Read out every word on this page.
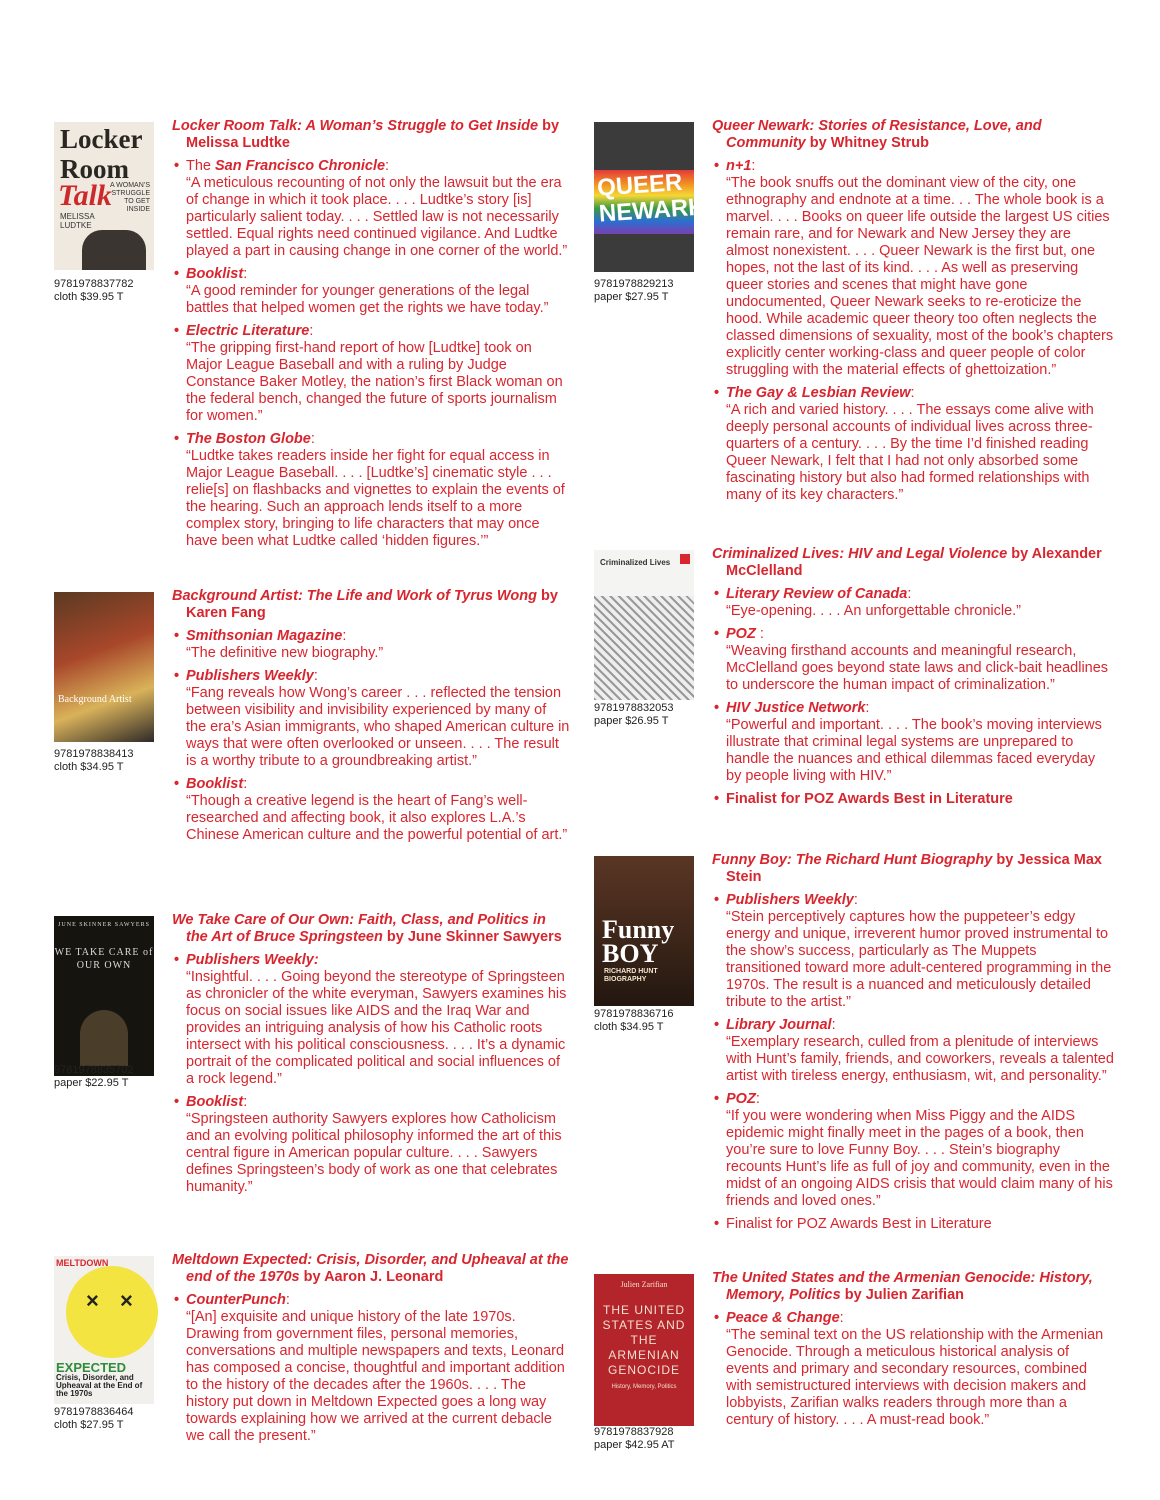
Locker
Room
Talk
A WOMAN’S STRUGGLE TO GET INSIDE
MELISSA LUDTKE
9781978837782
cloth $39.95 T
Locker Room Talk: A Woman’s Struggle to Get Inside by Melissa Ludtke
• The San Francisco Chronicle:
“A meticulous recounting of not only the lawsuit but the era of change in which it took place. . . . Ludtke’s story [is] particularly salient today. . . . Settled law is not necessarily settled. Equal rights need continued vigilance. And Ludtke played a part in causing change in one corner of the world.”
• Booklist:
“A good reminder for younger generations of the legal battles that helped women get the rights we have today.”
• Electric Literature:
“The gripping first-hand report of how [Ludtke] took on Major League Baseball and with a ruling by Judge Constance Baker Motley, the nation’s first Black woman on the federal bench, changed the future of sports journalism for women.”
• The Boston Globe:
“Ludtke takes readers inside her fight for equal access in Major League Baseball. . . . [Ludtke’s] cinematic style . . . relie[s] on flashbacks and vignettes to explain the events of the hearing. Such an approach lends itself to a more complex story, bringing to life characters that may once have been what Ludtke called ‘hidden figures.’”
Background Artist
9781978838413
cloth $34.95 T
Background Artist: The Life and Work of Tyrus Wong by Karen Fang
• Smithsonian Magazine:
“The definitive new biography.”
• Publishers Weekly:
“Fang reveals how Wong’s career . . . reflected the tension between visibility and invisibility experienced by many of the era’s Asian immigrants, who shaped American culture in ways that were often overlooked or unseen. . . . The result is a worthy tribute to a groundbreaking artist.”
• Booklist:
“Though a creative legend is the heart of Fang’s well-researched and affecting book, it also explores L.A.’s Chinese American culture and the powerful potential of art.”
JUNE SKINNER SAWYERS
WE TAKE CARE of OUR OWN
9781978835702
paper $22.95 T
We Take Care of Our Own: Faith, Class, and Politics in the Art of Bruce Springsteen by June Skinner Sawyers
• Publishers Weekly:
“Insightful. . . . Going beyond the stereotype of Springsteen as chronicler of the white everyman, Sawyers examines his focus on social issues like AIDS and the Iraq War and provides an intriguing analysis of how his Catholic roots intersect with his political consciousness. . . . It’s a dynamic portrait of the complicated political and social influences of a rock legend.”
• Booklist:
“Springsteen authority Sawyers explores how Catholicism and an evolving political philosophy informed the art of this central figure in American popular culture. . . . Sawyers defines Springsteen’s body of work as one that celebrates humanity.”
× ×
MELTDOWN
EXPECTED
Crisis, Disorder, and Upheaval at the End of the 1970s
9781978836464
cloth $27.95 T
Meltdown Expected: Crisis, Disorder, and Upheaval at the end of the 1970s by Aaron J. Leonard
• CounterPunch:
“[An] exquisite and unique history of the late 1970s. Drawing from government files, personal memories, conversations and multiple newspapers and texts, Leonard has composed a concise, thoughtful and important addition to the history of the decades after the 1960s. . . . The history put down in Meltdown Expected goes a long way towards explaining how we arrived at the current debacle we call the present.”
QUEER
NEWARK
9781978829213
paper $27.95 T
Queer Newark: Stories of Resistance, Love, and Community by Whitney Strub
• n+1:
“The book snuffs out the dominant view of the city, one ethnography and endnote at a time. . . The whole book is a marvel. . . . Books on queer life outside the largest US cities remain rare, and for Newark and New Jersey they are almost nonexistent. . . . Queer Newark is the first but, one hopes, not the last of its kind. . . . As well as preserving queer stories and scenes that might have gone undocumented, Queer Newark seeks to re-eroticize the hood. While academic queer theory too often neglects the classed dimensions of sexuality, most of the book’s chapters explicitly center working-class and queer people of color struggling with the material effects of ghettoization.”
• The Gay & Lesbian Review:
“A rich and varied history. . . . The essays come alive with deeply personal accounts of individual lives across three-quarters of a century. . . . By the time I’d finished reading Queer Newark, I felt that I had not only absorbed some fascinating history but also had formed relationships with many of its key characters.”
Criminalized Lives
9781978832053
paper $26.95 T
Criminalized Lives: HIV and Legal Violence by Alexander McClelland
• Literary Review of Canada:
“Eye-opening. . . . An unforgettable chronicle.”
• POZ :
“Weaving firsthand accounts and meaningful research, McClelland goes beyond state laws and click-bait headlines to underscore the human impact of criminalization.”
• HIV Justice Network:
“Powerful and important. . . . The book’s moving interviews illustrate that criminal legal systems are unprepared to handle the nuances and ethical dilemmas faced everyday by people living with HIV.”
• Finalist for POZ Awards Best in Literature
Funny
BOY
RICHARD HUNT BIOGRAPHY
9781978836716
cloth $34.95 T
Funny Boy: The Richard Hunt Biography by Jessica Max Stein
• Publishers Weekly:
“Stein perceptively captures how the puppeteer’s edgy energy and unique, irreverent humor proved instrumental to the show’s success, particularly as The Muppets transitioned toward more adult-centered programming in the 1970s. The result is a nuanced and meticulously detailed tribute to the artist.”
• Library Journal:
“Exemplary research, culled from a plenitude of interviews with Hunt’s family, friends, and coworkers, reveals a talented artist with tireless energy, enthusiasm, wit, and personality.”
• POZ:
“If you were wondering when Miss Piggy and the AIDS epidemic might finally meet in the pages of a book, then you’re sure to love Funny Boy. . . . Stein’s biography recounts Hunt’s life as full of joy and community, even in the midst of an ongoing AIDS crisis that would claim many of his friends and loved ones.”
• Finalist for POZ Awards Best in Literature
Julien Zarifian
THE UNITED STATES AND THE ARMENIAN GENOCIDE
History, Memory, Politics
9781978837928
paper $42.95 AT
The United States and the Armenian Genocide: History, Memory, Politics by Julien Zarifian
• Peace & Change:
“The seminal text on the US relationship with the Armenian Genocide. Through a meticulous historical analysis of events and primary and secondary resources, combined with semistructured interviews with decision makers and lobbyists, Zarifian walks readers through more than a century of history. . . . A must-read book.”
